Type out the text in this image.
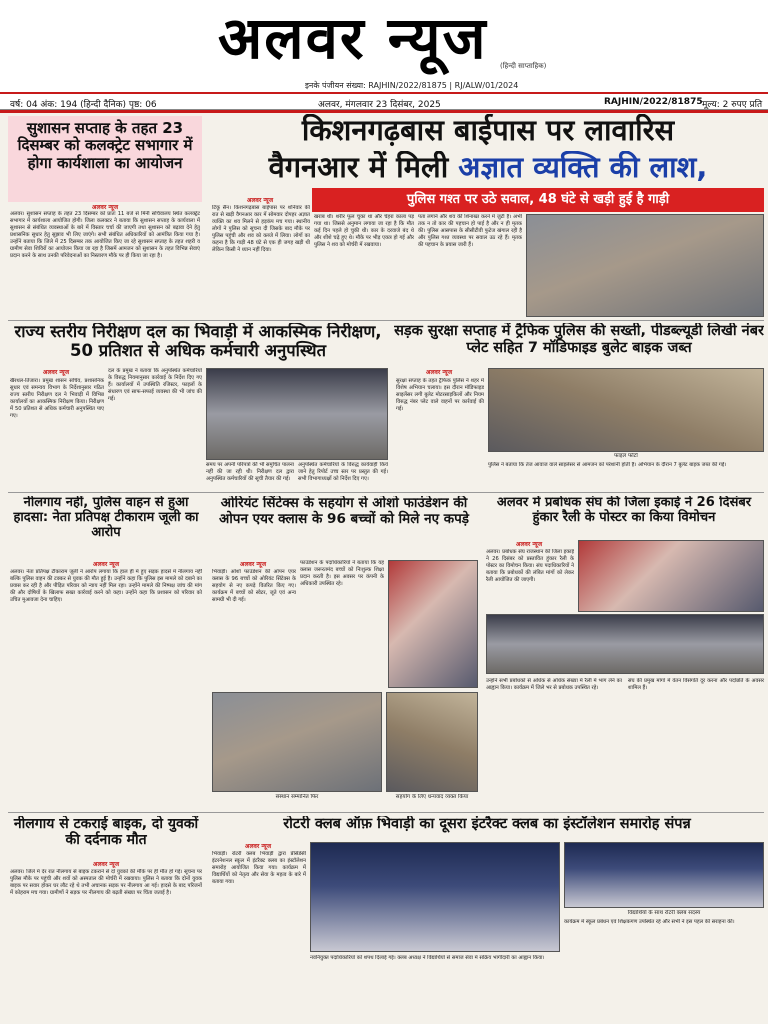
अलवर न्यूज (हिन्दी साप्ताहिक)
इनके पंजीयन संख्या: RAJHIN/2022/81875 | RJ/ALW/01/2024
वर्ष: 04 अंक: 194 (हिन्दी दैनिक) पृष्ठ: 06	अलवर, मंगलवार 23 दिसंबर, 2025	RAJHIN/2022/81875 मूल्य: 2 रुपए प्रति
सुशासन सप्ताह के तहत 23 दिसम्बर को कलक्ट्रेट सभागार में होगा कार्यशाला का आयोजन
अलवर न्यूज
अलवर। सुशासन सप्ताह के तहत 23 दिसम्बर को प्रातः 11 बजे से मिनी सचिवालय स्थित कलक्ट्रेट सभागार में कार्यशाला आयोजित होगी। जिला कलक्टर ने बताया कि सुशासन सप्ताह के कार्यवाला में सुशासन से संबंधित व्यवस्थाओं के बारे में विस्तार चर्चा की जाएगी तथा सुशासन को बढ़ावा देने हेतु प्रशासनिक सुधार हेतु सुझाव भी लिए जाएंगे। सभी संबंधित अधिकारियों को आमंत्रित किया गया है। उन्होंने बताया कि जिले में 25 दिसम्बर तक आयोजित किए जा रहे सुशासन सप्ताह के तहत शहरी व ग्रामीण सेवा शिविरों का आयोजन किया जा रहा है जिसमें आमजन को सुशासन के तहत विभिन्न सेवाएं प्रदान करने के साथ उनकी परिवेदनाओं का निस्तारण मौके पर ही किया जा रहा है।
किशनगढ़बास बाईपास पर लावारिस
वैगनआर में मिली अज्ञात व्यक्ति की लाश,
पुलिस गश्त पर उठे सवाल, 48 घंटे से खड़ी हुई है गाड़ी
अलवर न्यूज
टिंकू सैन। किशनगढ़बास बाईपास पर शनिवार की रात से खड़ी वैगनआर कार में सोमवार दोपहर अज्ञात व्यक्ति का शव मिलने से हड़कंप मच गया। स्थानीय लोगों ने पुलिस को सूचना दी जिसके बाद मौके पर पुलिस पहुंची और शव को कब्जे में लिया। लोगों का कहना है कि गाड़ी 48 घंटे से एक ही जगह खड़ी थी लेकिन किसी ने ध्यान नहीं दिया।
खराब थी। शरीर फूल चुका था और चेहरा काला पड़ गया था। जिससे अनुमान लगाया जा रहा है कि मौत कई दिन पहले हो चुकी थी। कार के दरवाजे बंद थे और शीशे चढ़े हुए थे। मौके पर भीड़ एकत्र हो गई और पुलिस ने शव को मोर्चरी में रखवाया।
पता लगाने और शव की शिनाख्त करने में जुटी है। अभी तक न तो कार की पहचान हो पाई है और न ही मृतक की। पुलिस आसपास के सीसीटीवी फुटेज खंगाल रही है और पुलिस गश्त व्यवस्था पर सवाल उठ रहे हैं। मृतक की पहचान के प्रयास जारी हैं।
राज्य स्तरीय निरीक्षण दल का भिवाड़ी में आकस्मिक निरीक्षण, 50 प्रतिशत से अधिक कर्मचारी अनुपस्थित
अलवर न्यूज
खैरथल-तिजारा। प्रमुख शासन सचिव, प्रशासनिक सुधार एवं समन्वय विभाग के निर्देशानुसार गठित राज्य स्तरीय निरीक्षण दल ने भिवाड़ी में विभिन्न कार्यालयों का आकस्मिक निरीक्षण किया। निरीक्षण में 50 प्रतिशत से अधिक कर्मचारी अनुपस्थित पाए गए।
दल के प्रमुख ने बताया कि अनुपस्थित कर्मचारियों के विरुद्ध नियमानुसार कार्रवाई के निर्देश दिए गए हैं। कार्यालयों में उपस्थिति रजिस्टर, फाइलों के संधारण एवं साफ-सफाई व्यवस्था की भी जांच की गई।
समय पर अपनी परिपत्रों की भी समुचित पालना नहीं की जा रही थी। निरीक्षण दल द्वारा अनुपस्थित कर्मचारियों की सूची तैयार की गई।
अनुपस्थित कर्मचारियों के विरुद्ध कार्यवाही किये जाने हेतु रिपोर्ट उच्च स्तर पर प्रस्तुत की गई। सभी विभागाध्यक्षों को निर्देश दिए गए।
सड़क सुरक्षा सप्ताह में ट्रैफिक पुलिस की सख्ती, पीडब्ल्यूडी लिखी नंबर प्लेट सहित 7 मॉडिफाइड बुलेट बाइक जब्त
अलवर न्यूज
सुरक्षा सप्ताह के तहत ट्रैफिक पुलिस ने शहर में विशेष अभियान चलाया। इस दौरान मॉडिफाइड साइलेंसर लगी बुलेट मोटरसाइकिलों और नियम विरुद्ध नंबर प्लेट वाले वाहनों पर कार्रवाई की गई।
फाइल फोटो
पुलिस ने बताया कि तेज आवाज वाले साइलेंसर से आमजन को परेशानी होती है। अभियान के दौरान 7 बुलेट बाइक जब्त की गईं।
नीलगाय नहीं, पुलिस वाहन से हुआ हादसा: नेता प्रतिपक्ष टीकाराम जूली का आरोप
अलवर न्यूज
अलवर। नेता प्रतिपक्ष टीकाराम जूली ने आरोप लगाया कि हाल ही में हुए सड़क हादसे में नीलगाय नहीं बल्कि पुलिस वाहन की टक्कर से युवक की मौत हुई है। उन्होंने कहा कि पुलिस इस मामले को दबाने का प्रयास कर रही है और पीड़ित परिवार को न्याय नहीं मिल रहा। उन्होंने मामले की निष्पक्ष जांच की मांग की और दोषियों के खिलाफ सख्त कार्रवाई करने को कहा। उन्होंने कहा कि प्रशासन को परिवार को उचित मुआवजा देना चाहिए।
ओरियंट सिंटेक्स के सहयोग से ओशो फाउंडेशन की ओपन एयर क्लास के 96 बच्चों को मिले नए कपड़े
अलवर न्यूज
भिवाड़ी। ओशो फाउंडेशन की ओपन एयर क्लास के 96 बच्चों को ओरियंट सिंटेक्स के सहयोग से नए कपड़े वितरित किए गए। कार्यक्रम में बच्चों को स्वेटर, जूते एवं अन्य सामग्री भी दी गई।
फाउंडेशन के पदाधिकारियों ने बताया कि यह क्लास जरूरतमंद बच्चों को निःशुल्क शिक्षा प्रदान करती है। इस अवसर पर कंपनी के अधिकारी उपस्थित रहे।
संस्थान सम्मानित फिर	सहयोग के लिए धन्यवाद व्यक्त किया
अलवर में प्रबोधक संघ की जिला इकाई ने 26 दिसंबर हुंकार रैली के पोस्टर का किया विमोचन
अलवर न्यूज
अलवर। प्रबोधक संघ राजस्थान की जिला इकाई ने 26 दिसंबर को प्रस्तावित हुंकार रैली के पोस्टर का विमोचन किया। संघ पदाधिकारियों ने बताया कि प्रबोधकों की लंबित मांगों को लेकर रैली आयोजित की जाएगी।
उन्होंने सभी प्रबोधकों से अधिक से अधिक संख्या में रैली में भाग लेने का आह्वान किया। कार्यक्रम में जिले भर से प्रबोधक उपस्थित रहे।
संघ की प्रमुख मांगों में वेतन विसंगति दूर करना और पदोन्नति के अवसर शामिल हैं।
नीलगाय से टकराई बाइक, दो युवकों की दर्दनाक मौत
अलवर न्यूज
अलवर। जिले में देर रात नीलगाय से बाइक टकराने से दो युवकों की मौके पर ही मौत हो गई। सूचना पर पुलिस मौके पर पहुंची और शवों को अस्पताल की मोर्चरी में रखवाया। पुलिस ने बताया कि दोनों युवक बाइक पर सवार होकर घर लौट रहे थे तभी अचानक सड़क पर नीलगाय आ गई। हादसे के बाद परिजनों में कोहराम मच गया। ग्रामीणों ने सड़क पर नीलगाय की बढ़ती संख्या पर चिंता जताई है।
रोटरी क्लब ऑफ़ भिवाड़ी का दूसरा इंटरैक्ट क्लब का इंस्टॉलेशन समारोह संपन्न
अलवर न्यूज
भिवाड़ी। रोटरी क्लब भिवाड़ी द्वारा प्रेसिडेंसी इंटरनेशनल स्कूल में इंटरैक्ट क्लब का इंस्टॉलेशन समारोह आयोजित किया गया। कार्यक्रम में विद्यार्थियों को नेतृत्व और सेवा के महत्व के बारे में बताया गया।
नवनियुक्त पदाधिकारियों को शपथ दिलाई गई। क्लब अध्यक्ष ने विद्यार्थियों से समाज सेवा में सक्रिय भागीदारी का आह्वान किया।
विद्यार्थियों के साथ रोटरी क्लब सदस्य
कार्यक्रम में स्कूल प्रबंधन एवं शिक्षकगण उपस्थित रहे और सभी ने इस पहल की सराहना की।
